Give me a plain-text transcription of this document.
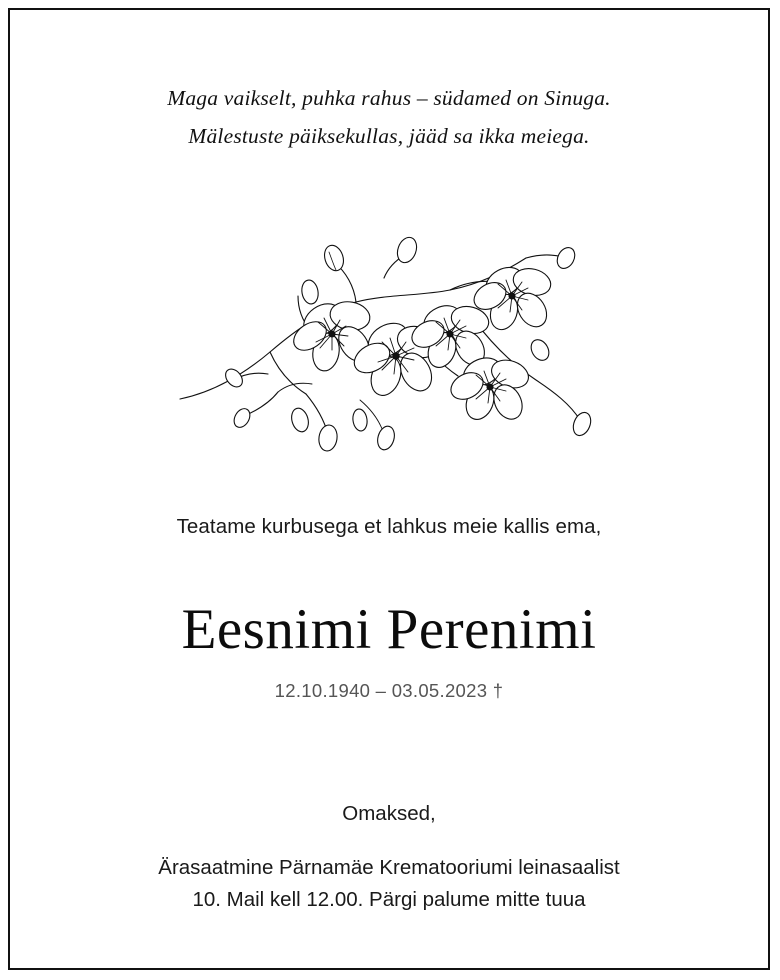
Maga vaikselt, puhka rahus – südamed on Sinuga.
Mälestuste päiksekullas, jääd sa ikka meiega.
Teatame kurbusega et lahkus meie kallis ema,
Eesnimi Perenimi
12.10.1940 – 03.05.2023 †
Omaksed,
Ärasaatmine Pärnamäe Krematooriumi leinasaalist
10. Mail kell 12.00. Pärgi palume mitte tuua
